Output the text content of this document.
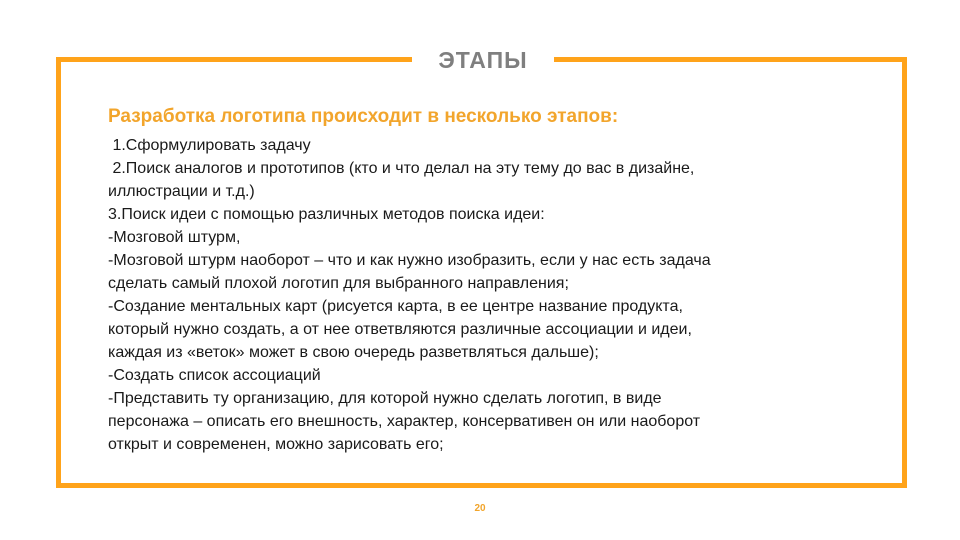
ЭТАПЫ
Разработка логотипа происходит в несколько этапов:
1.Сформулировать задачу
2.Поиск аналогов и прототипов (кто и что делал на эту тему до вас в дизайне,
иллюстрации и т.д.)
3.Поиск идеи с помощью различных методов поиска идеи:
-Мозговой штурм,
-Мозговой штурм наоборот – что и как нужно изобразить, если у нас есть задача
сделать самый плохой логотип для выбранного направления;
-Создание ментальных карт (рисуется карта, в ее центре название продукта,
который нужно создать, а от нее ответвляются различные ассоциации и идеи,
каждая из «веток» может в свою очередь разветвляться дальше);
-Создать список ассоциаций
-Представить ту организацию, для которой нужно сделать логотип, в виде
персонажа – описать его внешность, характер, консервативен он или наоборот
открыт и современен, можно зарисовать его;
20
